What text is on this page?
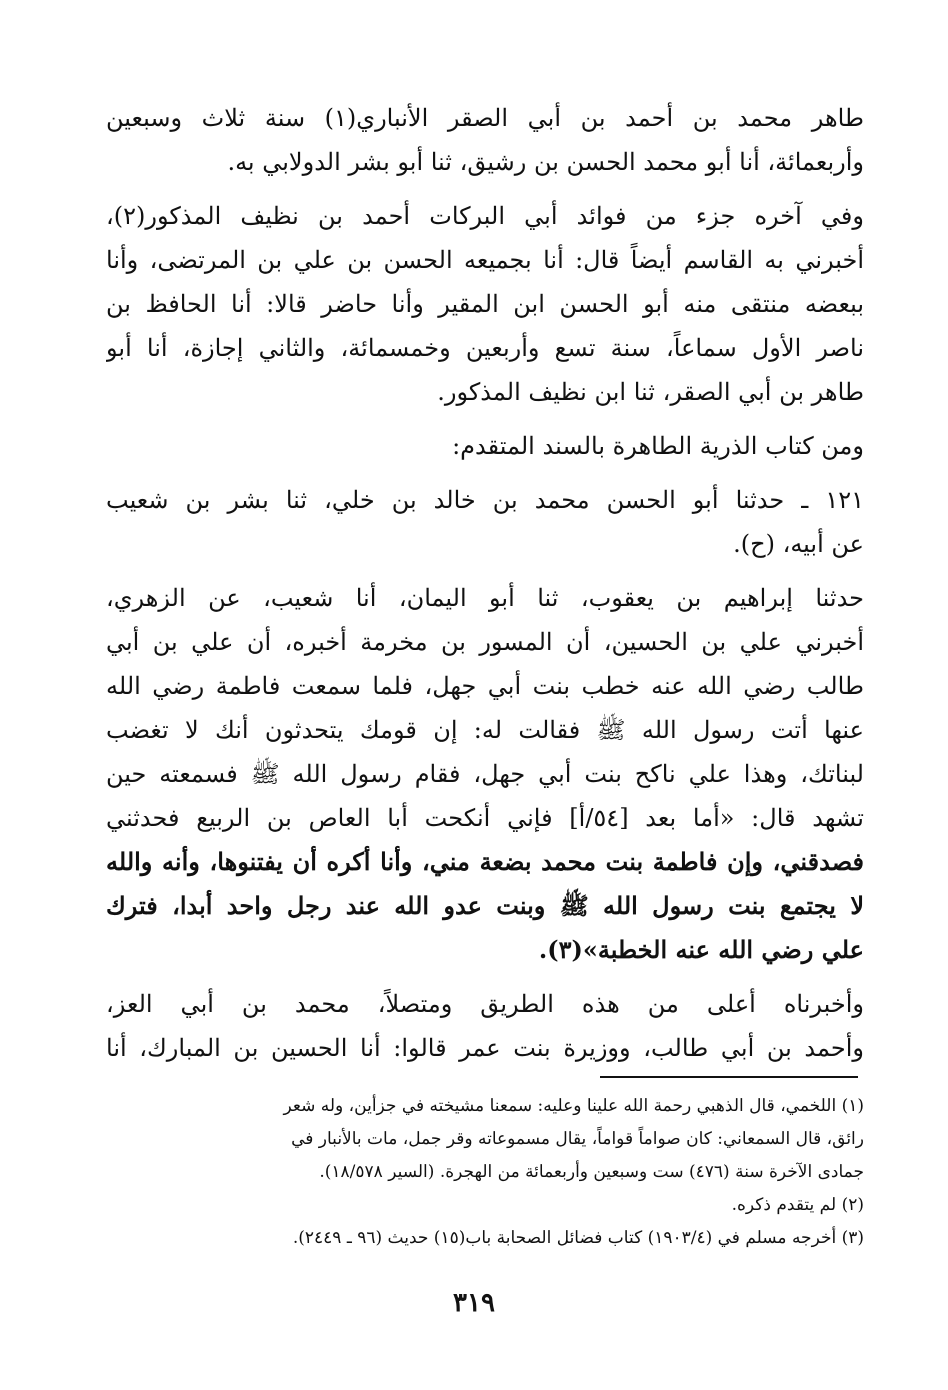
طاهر محمد بن أحمد بن أبي الصقر الأنباري(١) سنة ثلاث وسبعين
وأربعمائة، أنا أبو محمد الحسن بن رشيق، ثنا أبو بشر الدولابي به.

وفي آخره جزء من فوائد أبي البركات أحمد بن نظيف المذكور(٢)،
أخبرني به القاسم أيضاً قال: أنا بجميعه الحسن بن علي بن المرتضى، وأنا
ببعضه منتقى منه أبو الحسن ابن المقير وأنا حاضر قالا: أنا الحافظ بن
ناصر الأول سماعاً، سنة تسع وأربعين وخمسمائة، والثاني إجازة، أنا أبو
طاهر بن أبي الصقر، ثنا ابن نظيف المذكور.

ومن كتاب الذرية الطاهرة بالسند المتقدم:

١٢١ ـ حدثنا أبو الحسن محمد بن خالد بن خلي، ثنا بشر بن شعيب
عن أبيه، (ح).

حدثنا إبراهيم بن يعقوب، ثنا أبو اليمان، أنا شعيب، عن الزهري،
أخبرني علي بن الحسين، أن المسور بن مخرمة أخبره، أن علي بن أبي
طالب رضي الله عنه خطب بنت أبي جهل، فلما سمعت فاطمة رضي الله
عنها أتت رسول الله ﷺ فقالت له: إن قومك يتحدثون أنك لا تغضب
لبناتك، وهذا علي ناكح بنت أبي جهل، فقام رسول الله ﷺ فسمعته حين
تشهد قال: «أما بعد [٥٤/أ] فإني أنكحت أبا العاص بن الربيع فحدثني
فصدقني، وإن فاطمة بنت محمد بضعة مني، وأنا أكره أن يفتنوها، وأنه والله
لا يجتمع بنت رسول الله ﷺ وبنت عدو الله عند رجل واحد أبدا، فترك
علي رضي الله عنه الخطبة»(٣).

وأخبرناه أعلى من هذه الطريق ومتصلاً، محمد بن أبي العز،
وأحمد بن أبي طالب، ووزيرة بنت عمر قالوا: أنا الحسين بن المبارك، أنا

(١) اللخمي، قال الذهبي رحمة الله علينا وعليه: سمعنا مشيخته في جزأين، وله شعر
رائق، قال السمعاني: كان صواماً قواماً، يقال مسموعاته وقر جمل، مات بالأنبار في
جمادى الآخرة سنة (٤٧٦) ست وسبعين وأربعمائة من الهجرة. (السير ١٨/٥٧٨).

(٢) لم يتقدم ذكره.

(٣) أخرجه مسلم في (١٩٠٣/٤) كتاب فضائل الصحابة باب(١٥) حديث (٩٦ ـ ٢٤٤٩).

٣١٩
